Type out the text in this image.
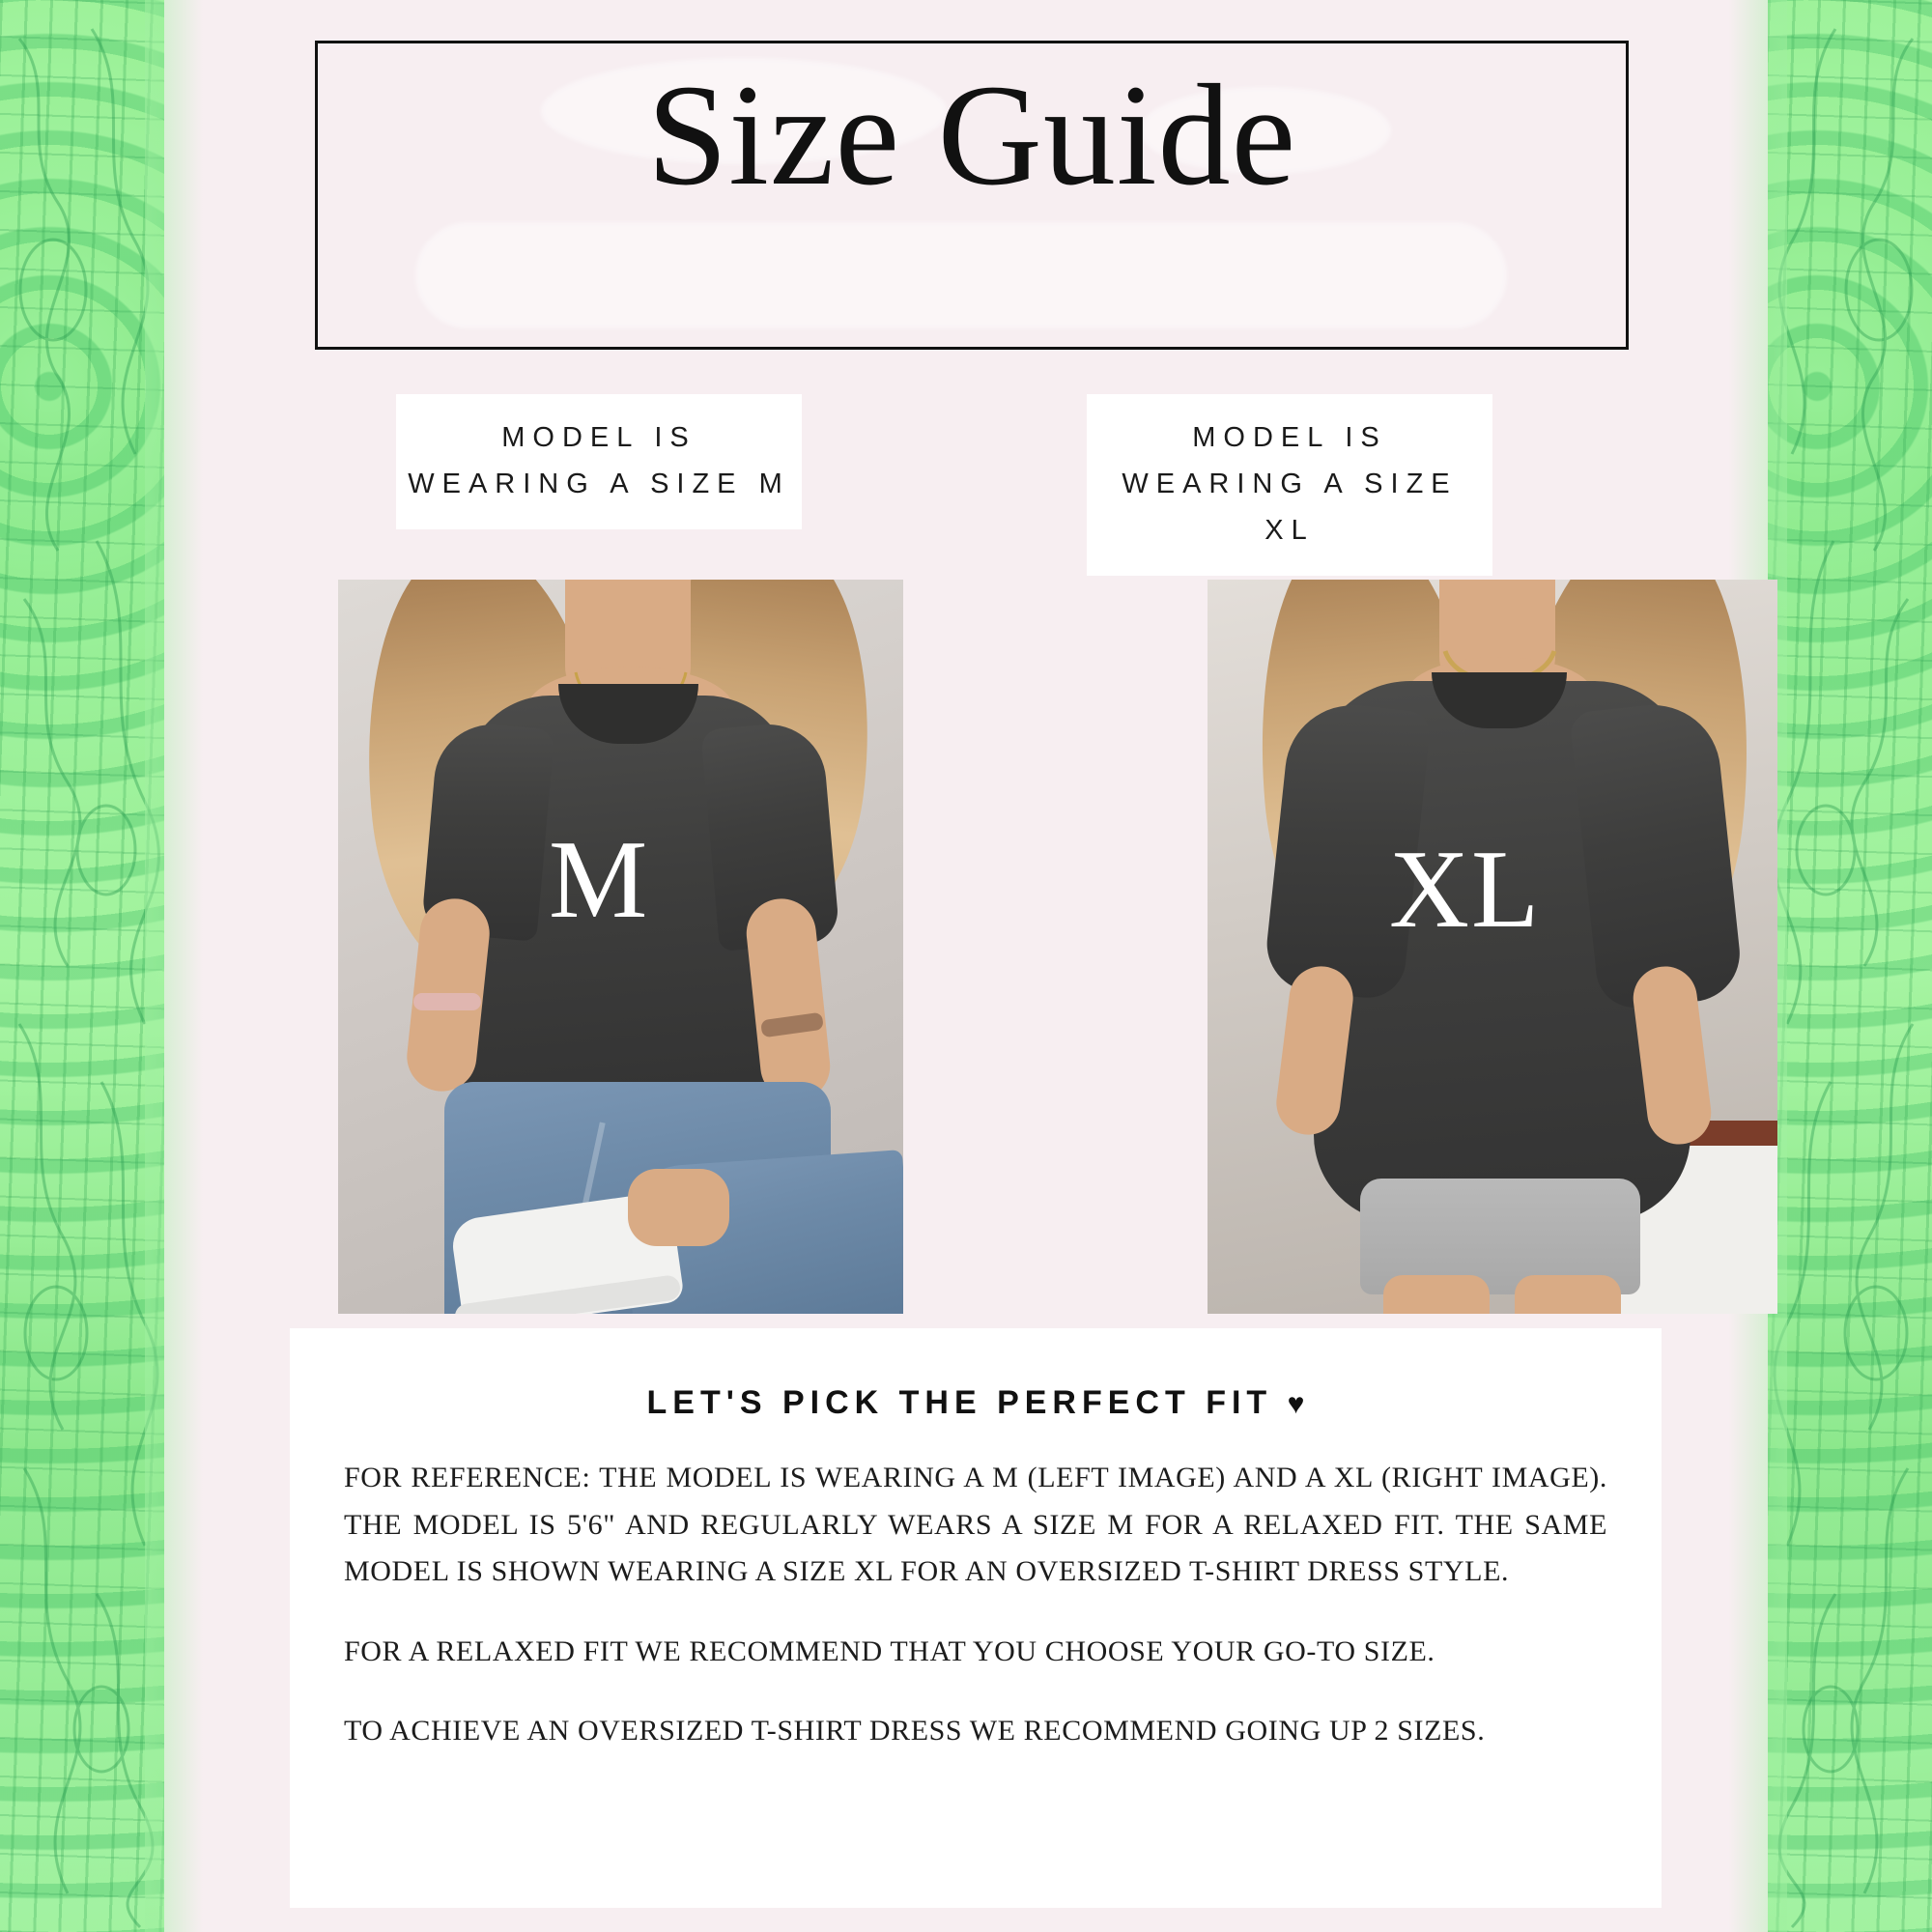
Size Guide
MODEL IS WEARING A SIZE M
MODEL IS WEARING A SIZE XL
M	XL
LET'S PICK THE PERFECT FIT ♥

FOR REFERENCE: THE MODEL IS WEARING A M (LEFT IMAGE) AND A XL (RIGHT IMAGE). THE MODEL IS 5'6" AND REGULARLY WEARS A SIZE M FOR A RELAXED FIT. THE SAME MODEL IS SHOWN WEARING A SIZE XL FOR AN OVERSIZED T-SHIRT DRESS STYLE.

FOR A RELAXED FIT WE RECOMMEND THAT YOU CHOOSE YOUR GO-TO SIZE.

TO ACHIEVE AN OVERSIZED T-SHIRT DRESS WE RECOMMEND GOING UP 2 SIZES.
